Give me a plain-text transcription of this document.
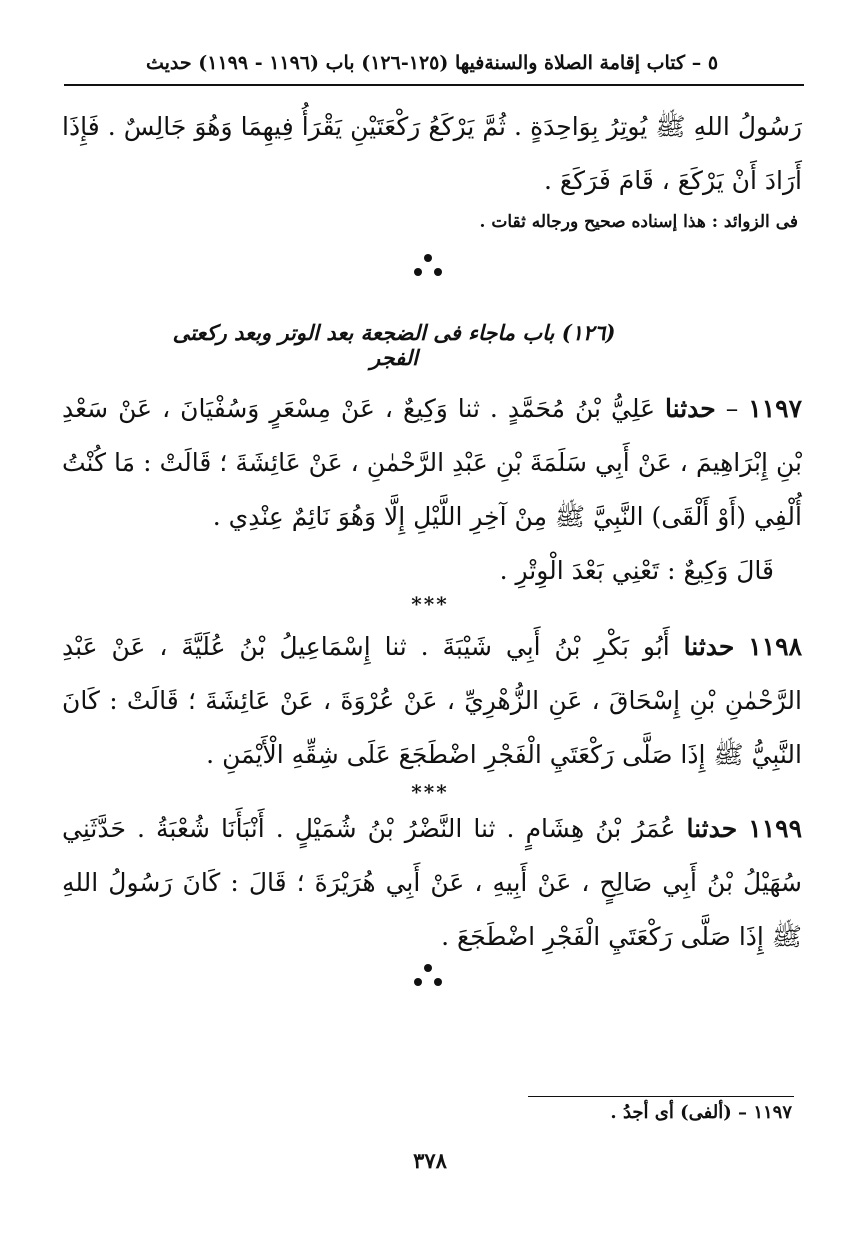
٥ – كتاب إقامة الصلاة والسنةفيها (١٢٥-١٢٦) باب (١١٩٦ - ١١٩٩) حديث
رَسُولُ اللهِ ﷺ يُوتِرُ بِوَاحِدَةٍ . ثُمَّ يَرْكَعُ رَكْعَتَيْنِ يَقْرَأُ فِيهِمَا وَهُوَ جَالِسٌ . فَإِذَا أَرَادَ أَنْ يَرْكَعَ ، قَامَ فَرَكَعَ .
فى الزوائد : هذا إسناده صحيح ورجاله ثقات .
(١٢٦) باب ماجاء فى الضجعة بعد الوتر وبعد ركعتى الفجر
١١٩٧ – حدثنا عَلِيُّ بْنُ مُحَمَّدٍ . ثنا وَكِيعٌ ، عَنْ مِسْعَرٍ وَسُفْيَانَ ، عَنْ سَعْدِ بْنِ إِبْرَاهِيمَ ، عَنْ أَبِي سَلَمَةَ بْنِ عَبْدِ الرَّحْمٰنِ ، عَنْ عَائِشَةَ ؛ قَالَتْ : مَا كُنْتُ أُلْفِي (أَوْ أَلْقَى) النَّبِيَّ ﷺ مِنْ آخِرِ اللَّيْلِ إِلَّا وَهُوَ نَائِمٌ عِنْدِي .
قَالَ وَكِيعٌ : تَعْنِي بَعْدَ الْوِتْرِ .
***
١١٩٨ حدثنا أَبُو بَكْرِ بْنُ أَبِي شَيْبَةَ . ثنا إِسْمَاعِيلُ بْنُ عُلَيَّةَ ، عَنْ عَبْدِ الرَّحْمٰنِ بْنِ إِسْحَاقَ ، عَنِ الزُّهْرِيِّ ، عَنْ عُرْوَةَ ، عَنْ عَائِشَةَ ؛ قَالَتْ : كَانَ النَّبِيُّ ﷺ إِذَا صَلَّى رَكْعَتَيِ الْفَجْرِ اضْطَجَعَ عَلَى شِقِّهِ الْأَيْمَنِ .
***
١١٩٩ حدثنا عُمَرُ بْنُ هِشَامٍ . ثنا النَّضْرُ بْنُ شُمَيْلٍ . أَنْبَأَنَا شُعْبَةُ . حَدَّثَنِي سُهَيْلُ بْنُ أَبِي صَالِحٍ ، عَنْ أَبِيهِ ، عَنْ أَبِي هُرَيْرَةَ ؛ قَالَ : كَانَ رَسُولُ اللهِ ﷺ إِذَا صَلَّى رَكْعَتَيِ الْفَجْرِ اضْطَجَعَ .
١١٩٧ – (ألفى) أى أجدُ .
٣٧٨
